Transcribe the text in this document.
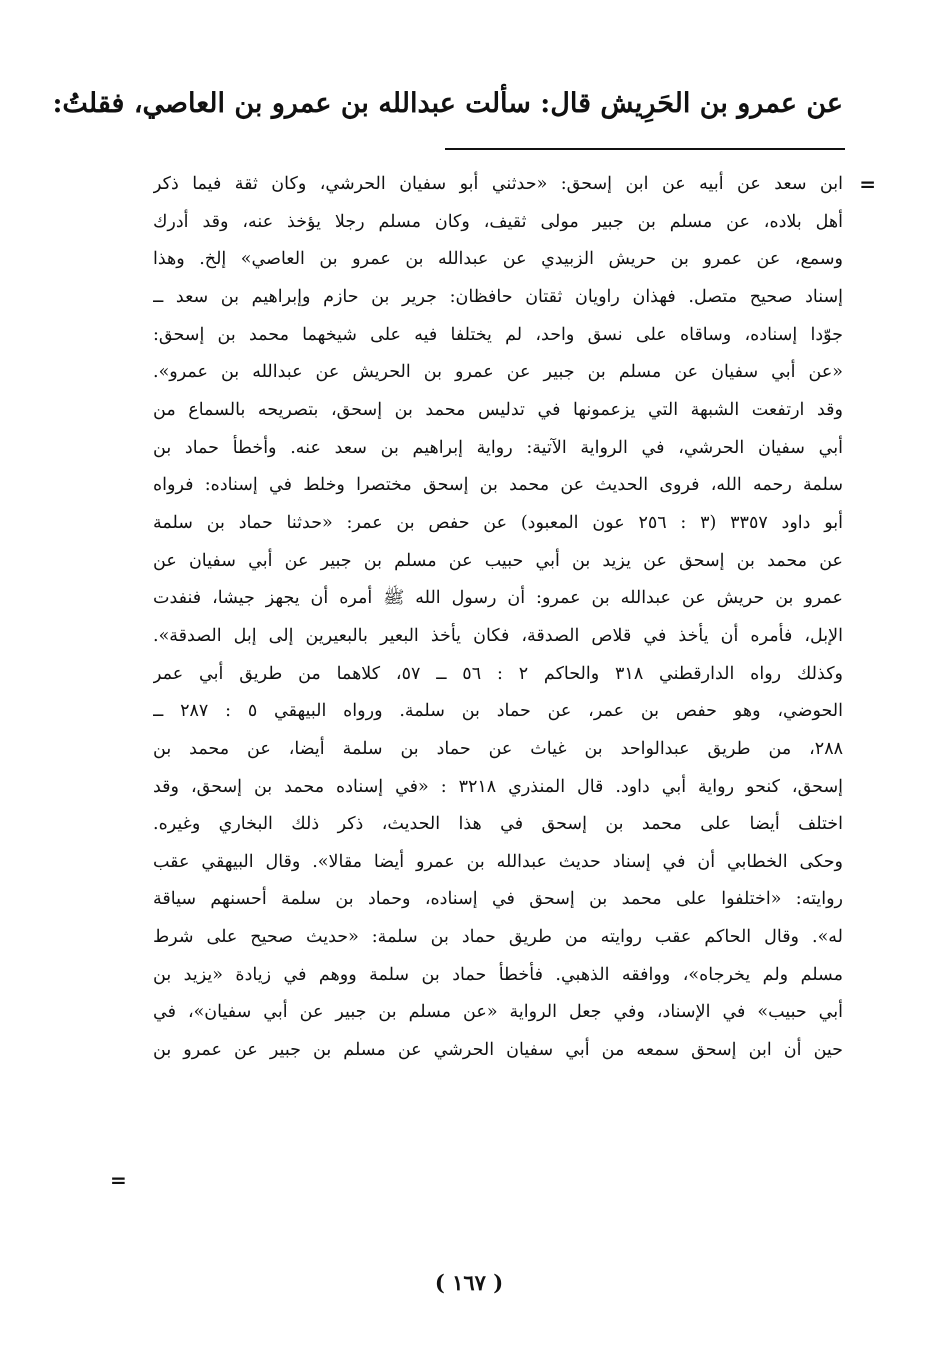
عن عمرو بن الحَرِيش قال: سألت عبدالله بن عمرو بن العاصي، فقلتُ:
=
ابن سعد عن أبيه عن ابن إسحق: «حدثني أبو سفيان الحرشي، وكان ثقة فيما ذكر
أهل بلاده، عن مسلم بن جبير مولى ثقيف، وكان مسلم رجلا يؤخذ عنه، وقد أدرك
وسمع، عن عمرو بن حريش الزبيدي عن عبدالله بن عمرو بن العاصي» إلخ. وهذا
إسناد صحيح متصل. فهذان راويان ثقتان حافظان: جرير بن حازم وإبراهيم بن سعد ــ
جوّدا إسناده، وساقاه على نسق واحد، لم يختلفا فيه على شيخهما محمد بن إسحق:
«عن أبي سفيان عن مسلم بن جبير عن عمرو بن الحريش عن عبدالله بن عمرو».
وقد ارتفعت الشبهة التي يزعمونها في تدليس محمد بن إسحق، بتصريحه بالسماع من
أبي سفيان الحرشي، في الرواية الآتية: رواية إبراهيم بن سعد عنه. وأخطأ حماد بن
سلمة رحمه الله، فروى الحديث عن محمد بن إسحق مختصرا وخلط في إسناده: فرواه
أبو داود ٣٣٥٧ (٣ : ٢٥٦ عون المعبود) عن حفص بن عمر: «حدثنا حماد بن سلمة
عن محمد بن إسحق عن يزيد بن أبي حبيب عن مسلم بن جبير عن أبي سفيان عن
عمرو بن حريش عن عبدالله بن عمرو: أن رسول الله ﷺ أمره أن يجهز جيشا، فنفدت
الإبل، فأمره أن يأخذ في قلاص الصدقة، فكان يأخذ البعير بالبعيرين إلى إبل الصدقة».
وكذلك رواه الدارقطني ٣١٨ والحاكم ٢ : ٥٦ ــ ٥٧، كلاهما من طريق أبي عمر
الحوضي، وهو حفص بن عمر، عن حماد بن سلمة. ورواه البيهقي ٥ : ٢٨٧ ــ
٢٨٨، من طريق عبدالواحد بن غياث عن حماد بن سلمة أيضا، عن محمد بن
إسحق، كنحو رواية أبي داود. قال المنذري ٣٢١٨ : «في إسناده محمد بن إسحق، وقد
اختلف أيضا على محمد بن إسحق في هذا الحديث، ذكر ذلك البخاري وغيره.
وحكى الخطابي أن في إسناد حديث عبدالله بن عمرو أيضا مقالا». وقال البيهقي عقب
روايته: «اختلفوا على محمد بن إسحق في إسناده، وحماد بن سلمة أحسنهم سياقة
له». وقال الحاكم عقب روايته من طريق حماد بن سلمة: «حديث صحيح على شرط
مسلم ولم يخرجاه»، ووافقه الذهبي. فأخطأ حماد بن سلمة ووهم في زيادة «يزيد بن
أبي حبيب» في الإسناد، وفي جعل الرواية «عن مسلم بن جبير عن أبي سفيان»، في
حين أن ابن إسحق سمعه من أبي سفيان الحرشي عن مسلم بن جبير عن عمرو بن
=
( ١٦٧ )
